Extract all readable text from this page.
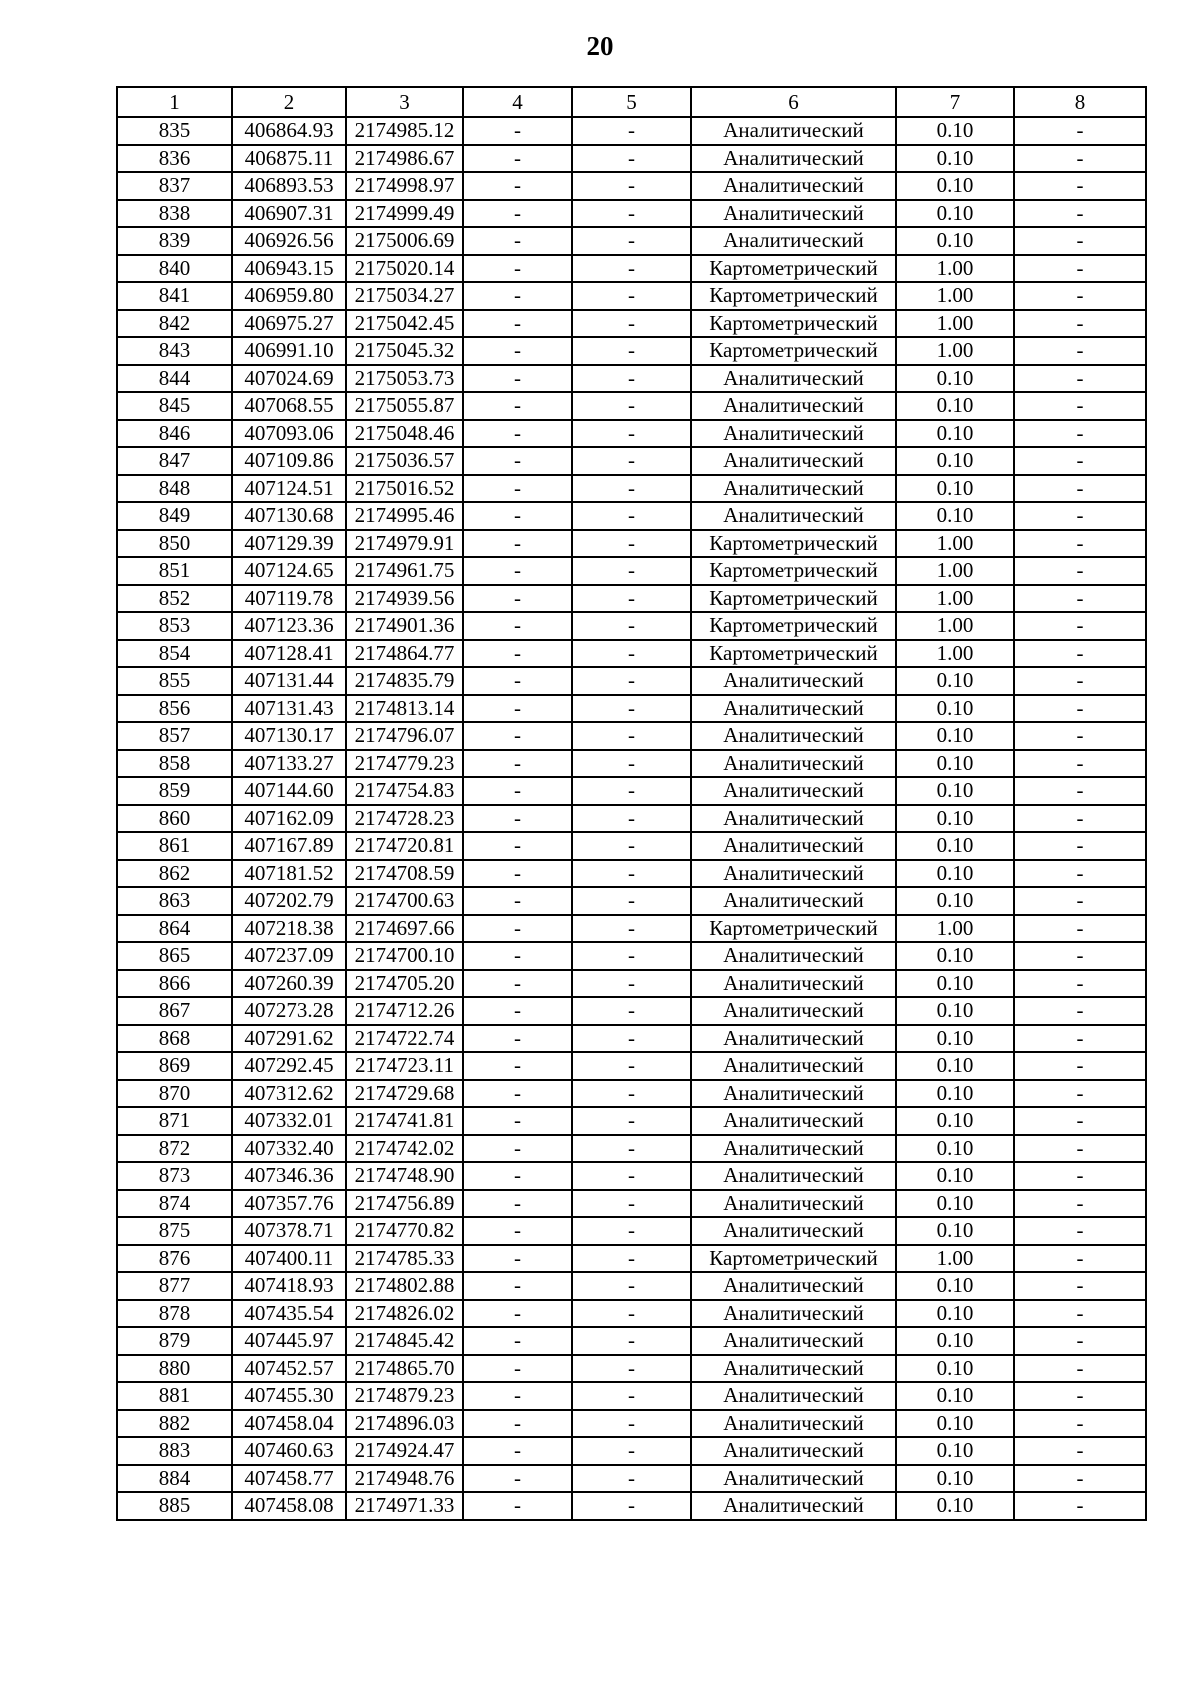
20
1	2	3	4	5	6	7	8
835	406864.93	2174985.12	-	-	Аналитический	0.10	-
836	406875.11	2174986.67	-	-	Аналитический	0.10	-
837	406893.53	2174998.97	-	-	Аналитический	0.10	-
838	406907.31	2174999.49	-	-	Аналитический	0.10	-
839	406926.56	2175006.69	-	-	Аналитический	0.10	-
840	406943.15	2175020.14	-	-	Картометрический	1.00	-
841	406959.80	2175034.27	-	-	Картометрический	1.00	-
842	406975.27	2175042.45	-	-	Картометрический	1.00	-
843	406991.10	2175045.32	-	-	Картометрический	1.00	-
844	407024.69	2175053.73	-	-	Аналитический	0.10	-
845	407068.55	2175055.87	-	-	Аналитический	0.10	-
846	407093.06	2175048.46	-	-	Аналитический	0.10	-
847	407109.86	2175036.57	-	-	Аналитический	0.10	-
848	407124.51	2175016.52	-	-	Аналитический	0.10	-
849	407130.68	2174995.46	-	-	Аналитический	0.10	-
850	407129.39	2174979.91	-	-	Картометрический	1.00	-
851	407124.65	2174961.75	-	-	Картометрический	1.00	-
852	407119.78	2174939.56	-	-	Картометрический	1.00	-
853	407123.36	2174901.36	-	-	Картометрический	1.00	-
854	407128.41	2174864.77	-	-	Картометрический	1.00	-
855	407131.44	2174835.79	-	-	Аналитический	0.10	-
856	407131.43	2174813.14	-	-	Аналитический	0.10	-
857	407130.17	2174796.07	-	-	Аналитический	0.10	-
858	407133.27	2174779.23	-	-	Аналитический	0.10	-
859	407144.60	2174754.83	-	-	Аналитический	0.10	-
860	407162.09	2174728.23	-	-	Аналитический	0.10	-
861	407167.89	2174720.81	-	-	Аналитический	0.10	-
862	407181.52	2174708.59	-	-	Аналитический	0.10	-
863	407202.79	2174700.63	-	-	Аналитический	0.10	-
864	407218.38	2174697.66	-	-	Картометрический	1.00	-
865	407237.09	2174700.10	-	-	Аналитический	0.10	-
866	407260.39	2174705.20	-	-	Аналитический	0.10	-
867	407273.28	2174712.26	-	-	Аналитический	0.10	-
868	407291.62	2174722.74	-	-	Аналитический	0.10	-
869	407292.45	2174723.11	-	-	Аналитический	0.10	-
870	407312.62	2174729.68	-	-	Аналитический	0.10	-
871	407332.01	2174741.81	-	-	Аналитический	0.10	-
872	407332.40	2174742.02	-	-	Аналитический	0.10	-
873	407346.36	2174748.90	-	-	Аналитический	0.10	-
874	407357.76	2174756.89	-	-	Аналитический	0.10	-
875	407378.71	2174770.82	-	-	Аналитический	0.10	-
876	407400.11	2174785.33	-	-	Картометрический	1.00	-
877	407418.93	2174802.88	-	-	Аналитический	0.10	-
878	407435.54	2174826.02	-	-	Аналитический	0.10	-
879	407445.97	2174845.42	-	-	Аналитический	0.10	-
880	407452.57	2174865.70	-	-	Аналитический	0.10	-
881	407455.30	2174879.23	-	-	Аналитический	0.10	-
882	407458.04	2174896.03	-	-	Аналитический	0.10	-
883	407460.63	2174924.47	-	-	Аналитический	0.10	-
884	407458.77	2174948.76	-	-	Аналитический	0.10	-
885	407458.08	2174971.33	-	-	Аналитический	0.10	-
